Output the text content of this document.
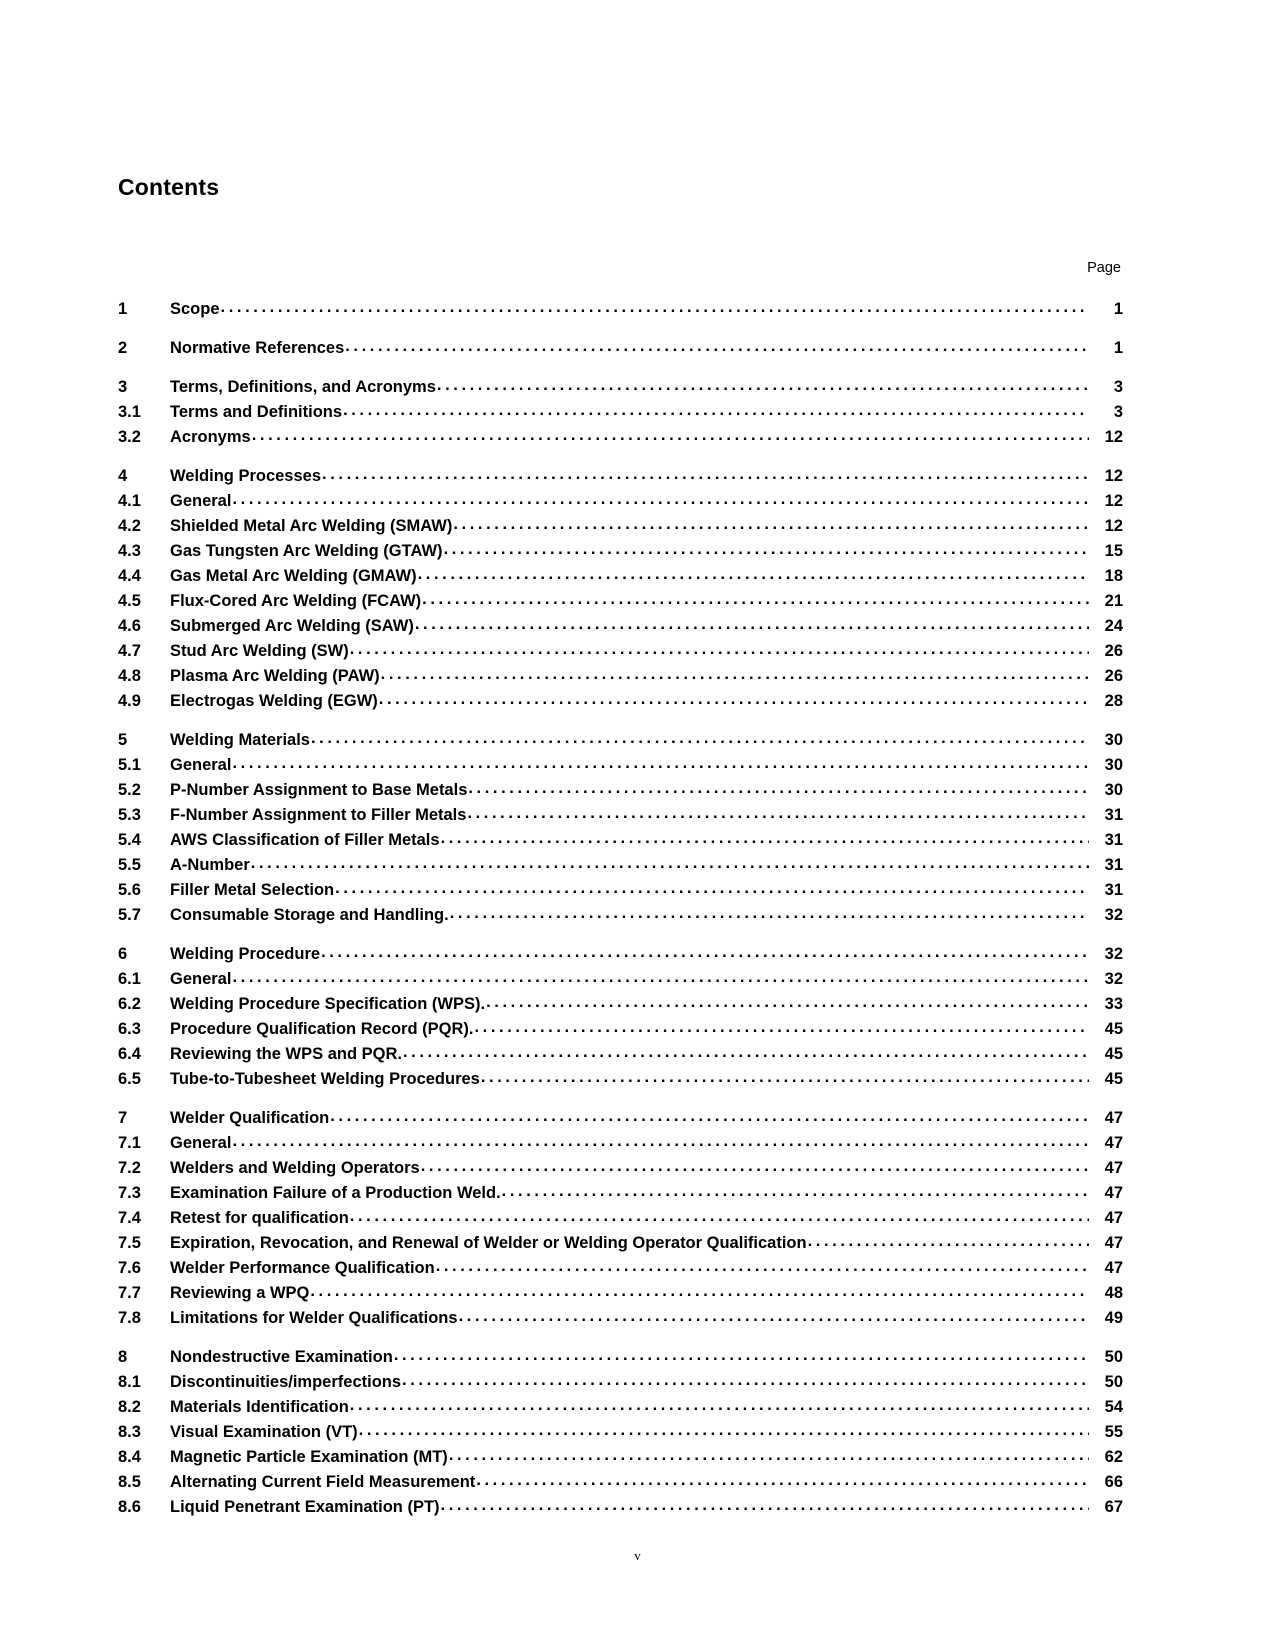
Contents
Page
1	Scope .....	1
2	Normative References .....	1
3	Terms, Definitions, and Acronyms .....	3
3.1	Terms and Definitions .....	3
3.2	Acronyms .....	12
4	Welding Processes .....	12
4.1	General .....	12
4.2	Shielded Metal Arc Welding (SMAW) .....	12
4.3	Gas Tungsten Arc Welding (GTAW) .....	15
4.4	Gas Metal Arc Welding (GMAW) .....	18
4.5	Flux-Cored Arc Welding (FCAW) .....	21
4.6	Submerged Arc Welding (SAW) .....	24
4.7	Stud Arc Welding (SW) .....	26
4.8	Plasma Arc Welding (PAW) .....	26
4.9	Electrogas Welding (EGW) .....	28
5	Welding Materials .....	30
5.1	General .....	30
5.2	P-Number Assignment to Base Metals .....	30
5.3	F-Number Assignment to Filler Metals .....	31
5.4	AWS Classification of Filler Metals .....	31
5.5	A-Number .....	31
5.6	Filler Metal Selection .....	31
5.7	Consumable Storage and Handling. .....	32
6	Welding Procedure .....	32
6.1	General .....	32
6.2	Welding Procedure Specification (WPS). .....	33
6.3	Procedure Qualification Record (PQR). .....	45
6.4	Reviewing the WPS and PQR. .....	45
6.5	Tube-to-Tubesheet Welding Procedures .....	45
7	Welder Qualification .....	47
7.1	General .....	47
7.2	Welders and Welding Operators .....	47
7.3	Examination Failure of a Production Weld. .....	47
7.4	Retest for qualification .....	47
7.5	Expiration, Revocation, and Renewal of Welder or Welding Operator Qualification .....	47
7.6	Welder Performance Qualification .....	47
7.7	Reviewing a WPQ .....	48
7.8	Limitations for Welder Qualifications .....	49
8	Nondestructive Examination .....	50
8.1	Discontinuities/imperfections .....	50
8.2	Materials Identification .....	54
8.3	Visual Examination (VT) .....	55
8.4	Magnetic Particle Examination (MT) .....	62
8.5	Alternating Current Field Measurement .....	66
8.6	Liquid Penetrant Examination (PT) .....	67
v
